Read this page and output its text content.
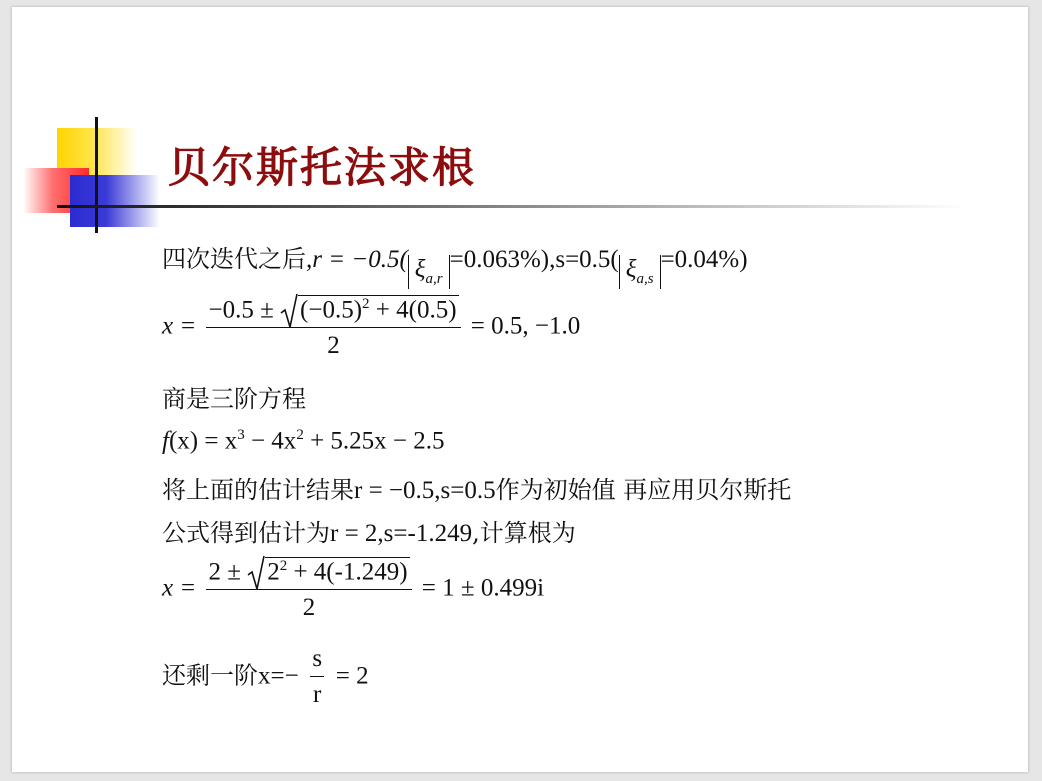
贝尔斯托法求根
四次迭代之后,r = −0.5( $\xi_{a,r}=0.063\%),s=0.5$( $\xi_{a,s}=0.04\%$)
x = −0.5 ±
$(-0.5)^2 + 4(0.5)$
2 = 0.5, −1.0
商是三阶方程
$f(x) = x^3 - 4x^2 + 5.25x - 2.5$
将上面的估计结果r = −0.5,s=0.5作为初始值 再应用贝尔斯托
公式得到估计为r = 2,s=-1.249,计算根为
x = 2 ±
$2^2 + 4(-1.249)$
2 = 1 ± 0.499i
还剩一阶$x=- \frac{s}{r} = 2$
